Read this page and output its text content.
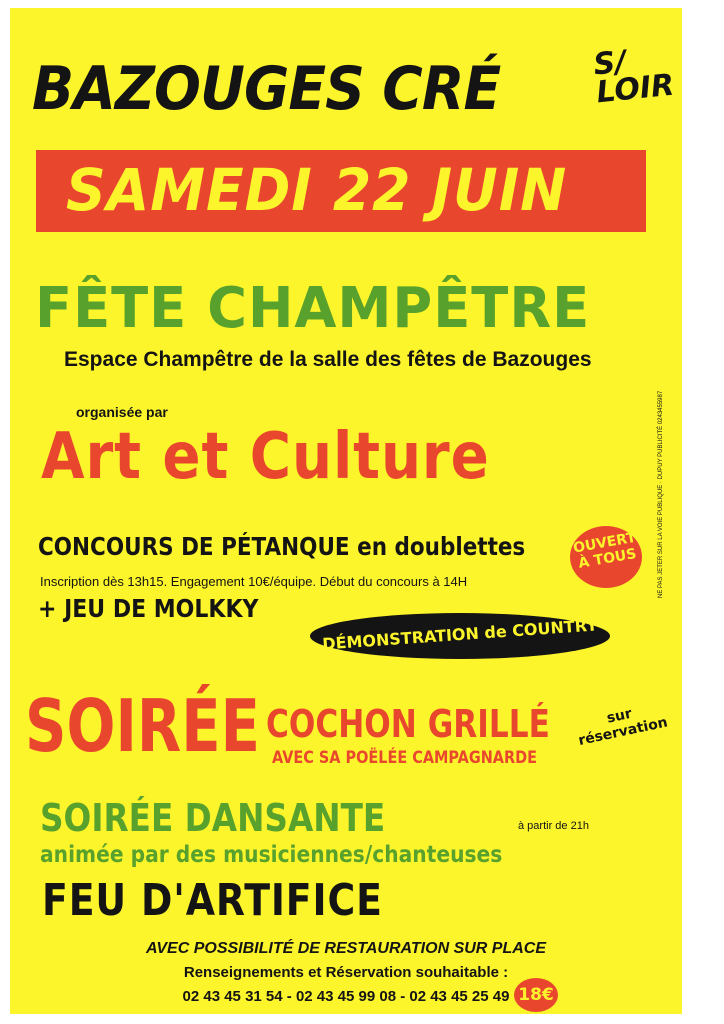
BAZOUGES CRÉ	S/ LOIR
SAMEDI 22 JUIN	2024
FÊTE CHAMPÊTRE
Espace Champêtre de la salle des fêtes de Bazouges
organisée par
Art et Culture
CONCOURS DE PÉTANQUE en doublettes	OUVERT À TOUS
Inscription dès 13h15. Engagement 10€/équipe. Début du concours à 14H
+ JEU DE MOLKKY
DÉMONSTRATION de COUNTRY
SOIRÉE COCHON GRILLÉ
AVEC SA POËLÉE CAMPAGNARDE
sur réservation
SOIRÉE DANSANTE	à partir de 21h
animée par des musiciennes/chanteuses
FEU D'ARTIFICE
AVEC POSSIBILITÉ DE RESTAURATION SUR PLACE
Renseignements et Réservation souhaitable :
02 43 45 31 54 - 02 43 45 99 08 - 02 43 45 25 49 18€
NE PAS JETER SUR LA VOIE PUBLIQUE · DUPUY PUBLICITÉ 0243455987
